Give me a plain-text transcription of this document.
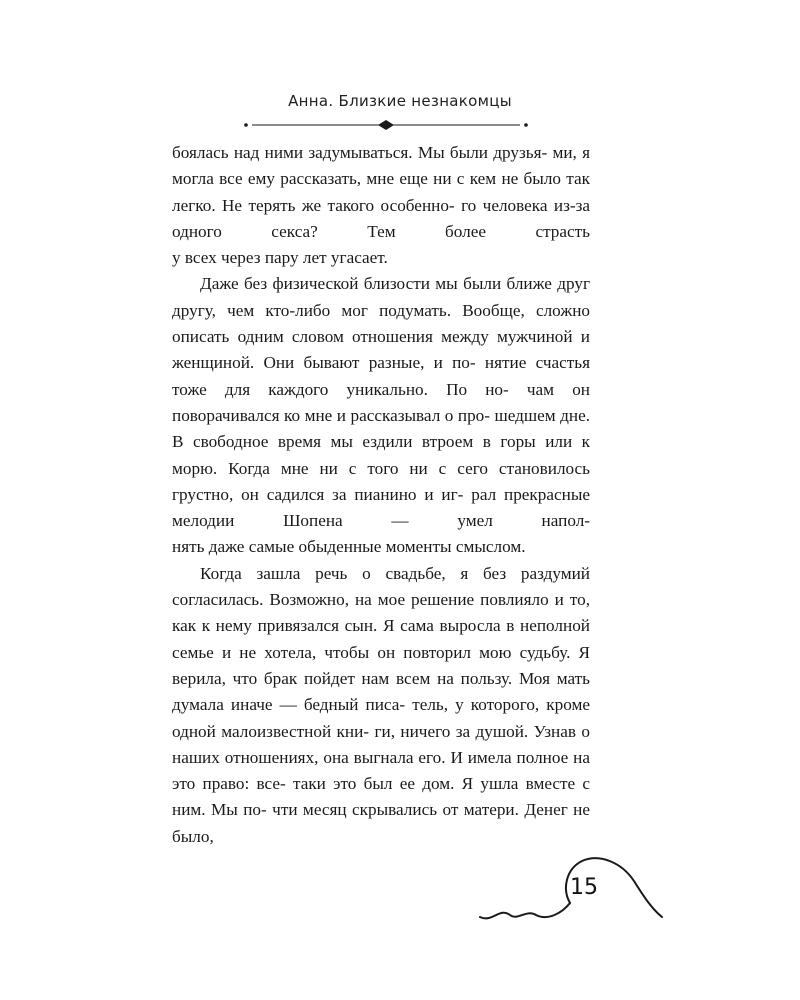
Анна. Близкие незнакомцы

боялась над ними задумываться. Мы были друзья- ми, я могла все ему рассказать, мне еще ни с кем не было так легко. Не терять же такого особенно- го человека из-за одного секса? Тем более страсть

у всех через пару лет угасает.

Даже без физической близости мы были ближе друг другу, чем кто-либо мог подумать. Вообще, сложно описать одним словом отношения между мужчиной и женщиной. Они бывают разные, и по- нятие счастья тоже для каждого уникально. По но- чам он поворачивался ко мне и рассказывал о про- шедшем дне. В свободное время мы ездили втроем в горы или к морю. Когда мне ни с того ни с сего становилось грустно, он садился за пианино и иг- рал прекрасные мелодии Шопена — умел напол-

нять даже самые обыденные моменты смыслом.

Когда зашла речь о свадьбе, я без раздумий согласилась. Возможно, на мое решение повлияло и то, как к нему привязался сын. Я сама выросла в неполной семье и не хотела, чтобы он повторил мою судьбу. Я верила, что брак пойдет нам всем на пользу. Моя мать думала иначе — бедный писа- тель, у которого, кроме одной малоизвестной кни- ги, ничего за душой. Узнав о наших отношениях, она выгнала его. И имела полное на это право: все- таки это был ее дом. Я ушла вместе с ним. Мы по- чти месяц скрывались от матери. Денег не было,

15
